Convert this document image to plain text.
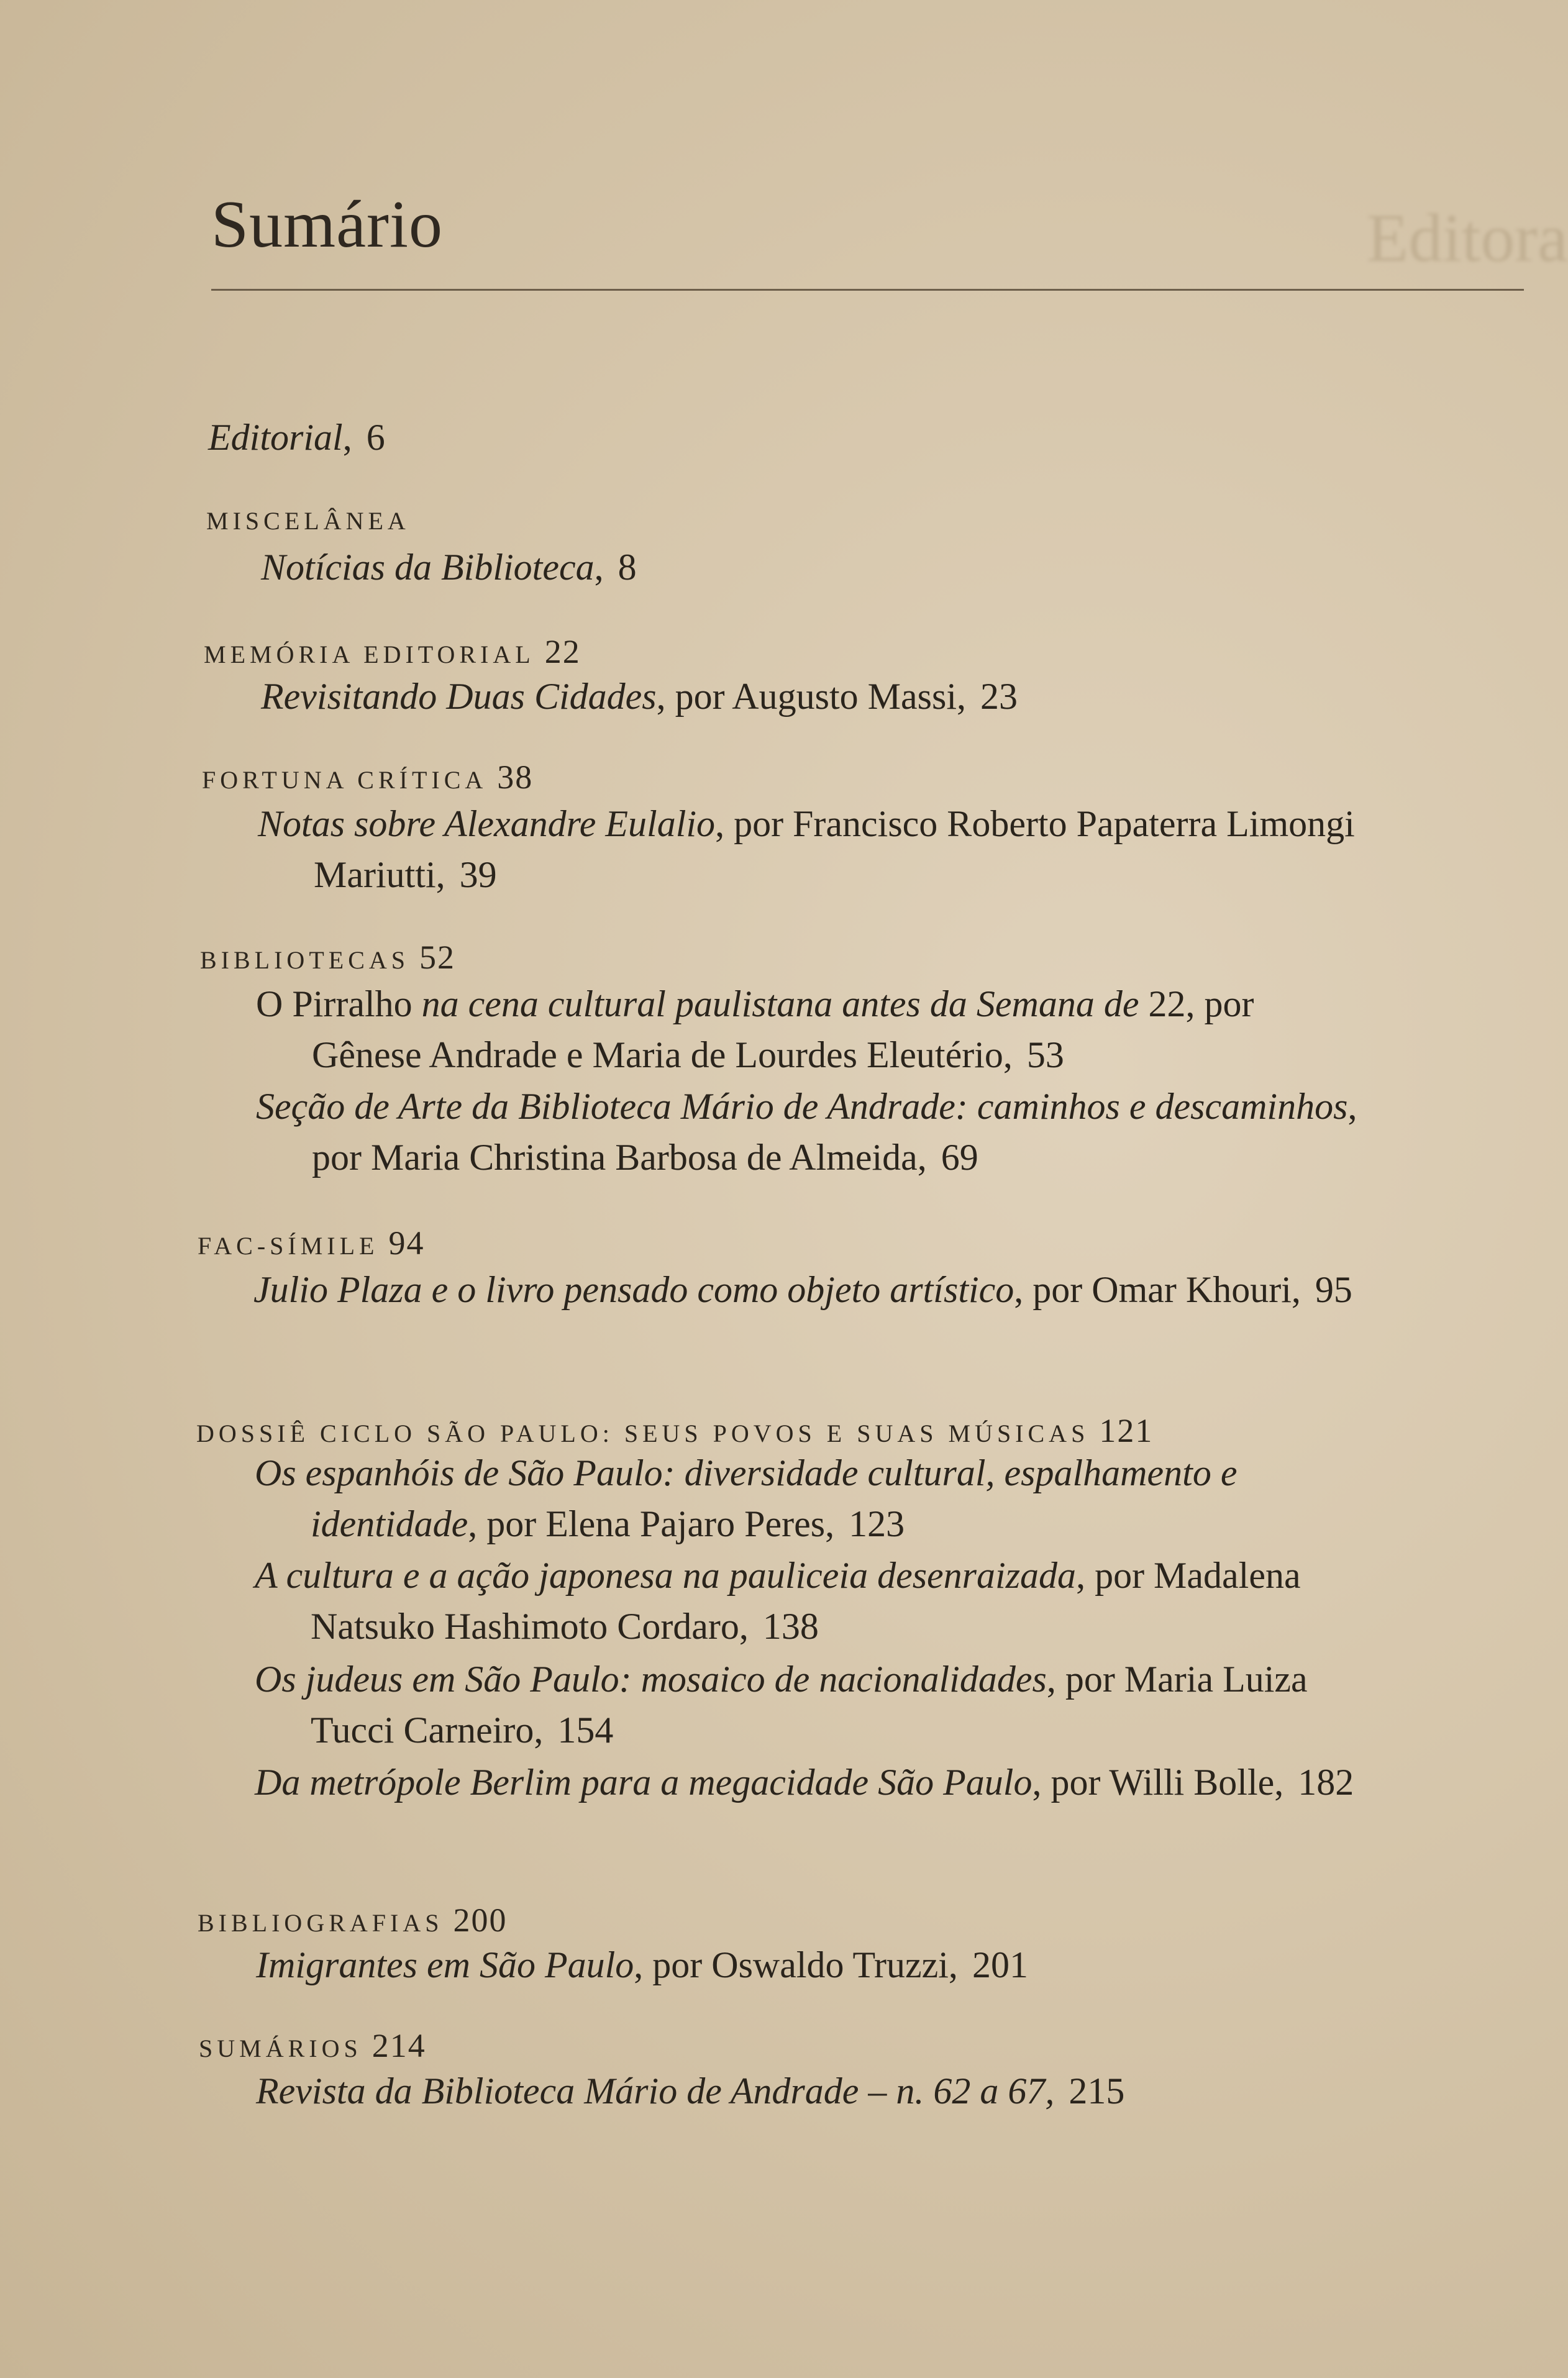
Editora
Sumário
Editorial, 6
MISCELÂNEA
Notícias da Biblioteca, 8
MEMÓRIA EDITORIAL 22
Revisitando Duas Cidades, por Augusto Massi, 23
FORTUNA CRÍTICA 38
Notas sobre Alexandre Eulalio, por Francisco Roberto Papaterra Limongi Mariutti, 39
BIBLIOTECAS 52
O Pirralho na cena cultural paulistana antes da Semana de 22, por Gênese Andrade e Maria de Lourdes Eleutério, 53
Seção de Arte da Biblioteca Mário de Andrade: caminhos e descaminhos, por Maria Christina Barbosa de Almeida, 69
FAC-SÍMILE 94
Julio Plaza e o livro pensado como objeto artístico, por Omar Khouri, 95
DOSSIÊ CICLO SÃO PAULO: SEUS POVOS E SUAS MÚSICAS 121
Os espanhóis de São Paulo: diversidade cultural, espalhamento e identidade, por Elena Pajaro Peres, 123
A cultura e a ação japonesa na pauliceia desenraizada, por Madalena Natsuko Hashimoto Cordaro, 138
Os judeus em São Paulo: mosaico de nacionalidades, por Maria Luiza Tucci Carneiro, 154
Da metrópole Berlim para a megacidade São Paulo, por Willi Bolle, 182
BIBLIOGRAFIAS 200
Imigrantes em São Paulo, por Oswaldo Truzzi, 201
SUMÁRIOS 214
Revista da Biblioteca Mário de Andrade – n. 62 a 67, 215
